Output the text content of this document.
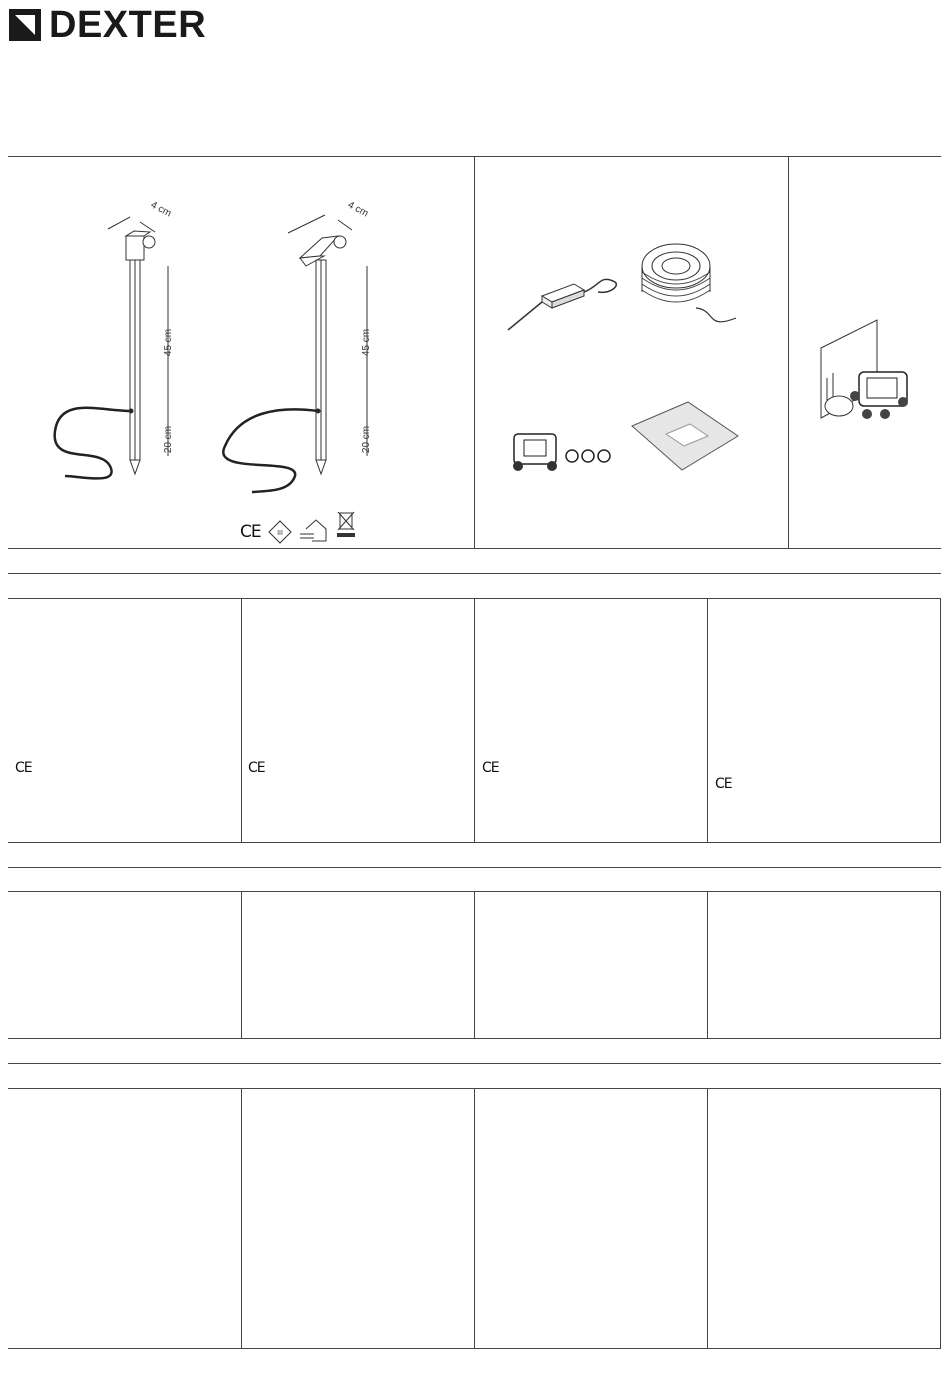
DEXTER
4 cm
45 cm
20 cm
4 cm
45 cm
20 cm
CE III
CE	CE	CE
CE
